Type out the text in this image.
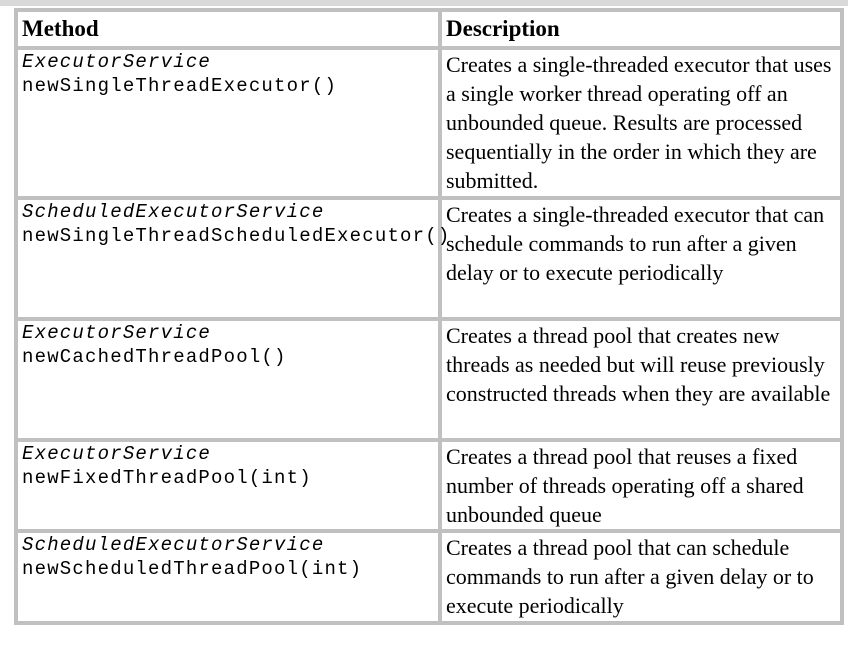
Method	Description

ExecutorService
newSingleThreadExecutor()	Creates a single-threaded executor that uses a single worker thread operating off an unbounded queue. Results are processed sequentially in the order in which they are submitted.

ScheduledExecutorService
newSingleThreadScheduledExecutor()	Creates a single-threaded executor that can schedule commands to run after a given delay or to execute periodically

ExecutorService
newCachedThreadPool()	Creates a thread pool that creates new threads as needed but will reuse previously constructed threads when they are available

ExecutorService
newFixedThreadPool(int)	Creates a thread pool that reuses a fixed number of threads operating off a shared unbounded queue

ScheduledExecutorService
newScheduledThreadPool(int)	Creates a thread pool that can schedule commands to run after a given delay or to execute periodically
